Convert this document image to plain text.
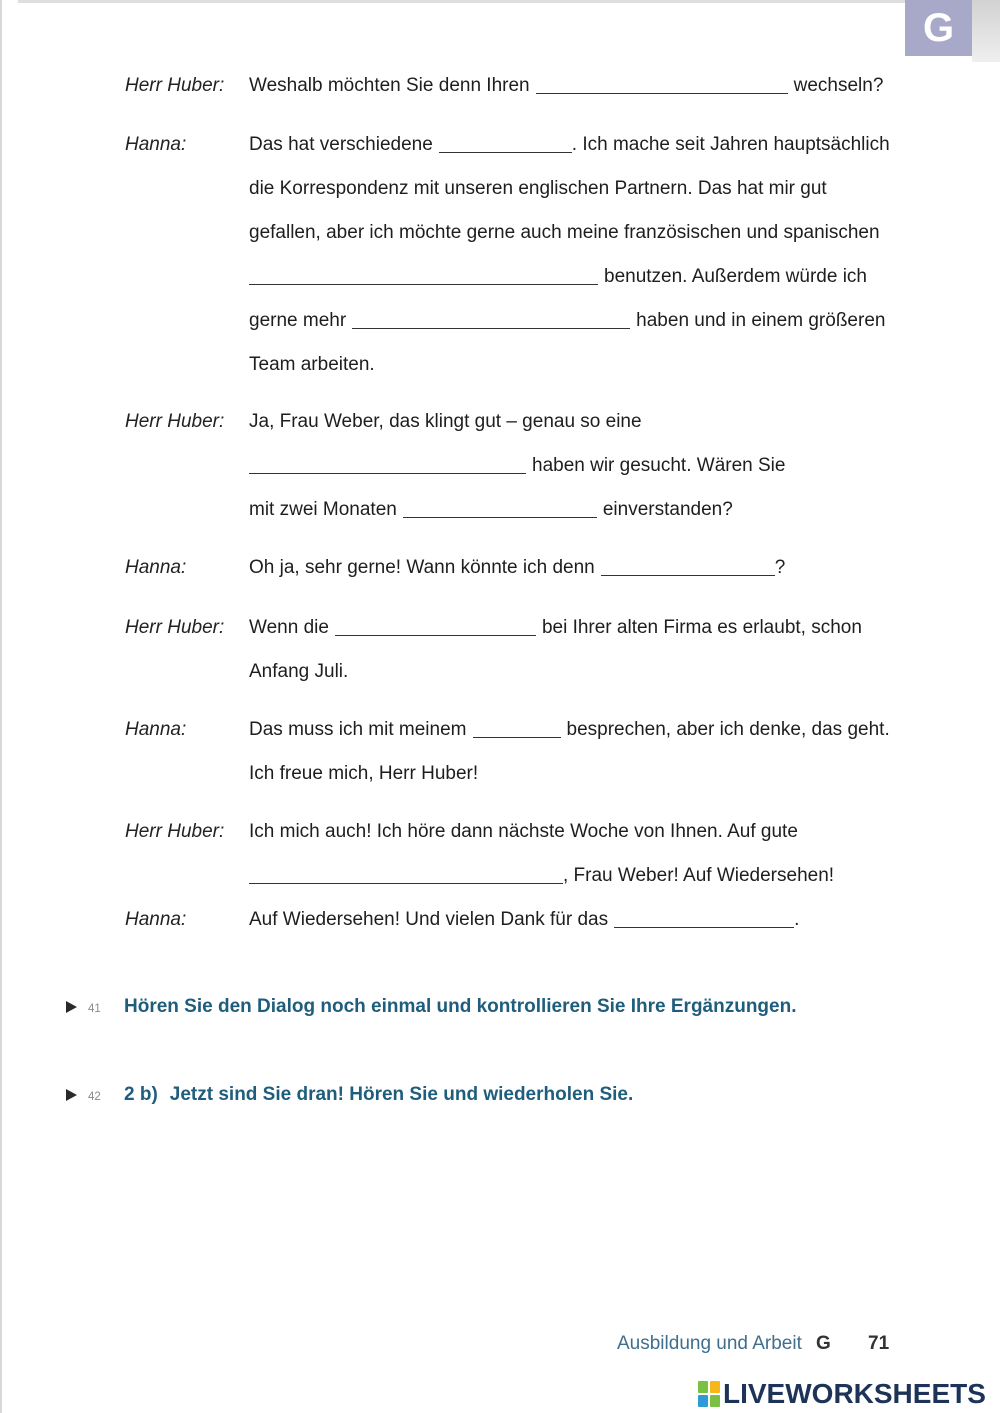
G
Herr Huber:	Weshalb möchten Sie denn Ihren	wechseln?
Hanna:	Das hat verschiedene	. Ich mache seit Jahren hauptsächlich
die Korrespondenz mit unseren englischen Partnern. Das hat mir gut
gefallen, aber ich möchte gerne auch meine französischen und spanischen
benutzen. Außerdem würde ich
gerne mehr	haben und in einem größeren
Team arbeiten.
Herr Huber:	Ja, Frau Weber, das klingt gut – genau so eine
haben wir gesucht. Wären Sie
mit zwei Monaten	einverstanden?
Hanna:	Oh ja, sehr gerne! Wann könnte ich denn	?
Herr Huber:	Wenn die	bei Ihrer alten Firma es erlaubt, schon
Anfang Juli.
Hanna:	Das muss ich mit meinem	besprechen, aber ich denke, das geht.
Ich freue mich, Herr Huber!
Herr Huber:	Ich mich auch! Ich höre dann nächste Woche von Ihnen. Auf gute
, Frau Weber! Auf Wiedersehen!
Hanna:	Auf Wiedersehen! Und vielen Dank für das	.
41 Hören Sie den Dialog noch einmal und kontrollieren Sie Ihre Ergänzungen.
42 2 b) Jetzt sind Sie dran! Hören Sie und wiederholen Sie.
Ausbildung und Arbeit G 71
LIVEWORKSHEETS
